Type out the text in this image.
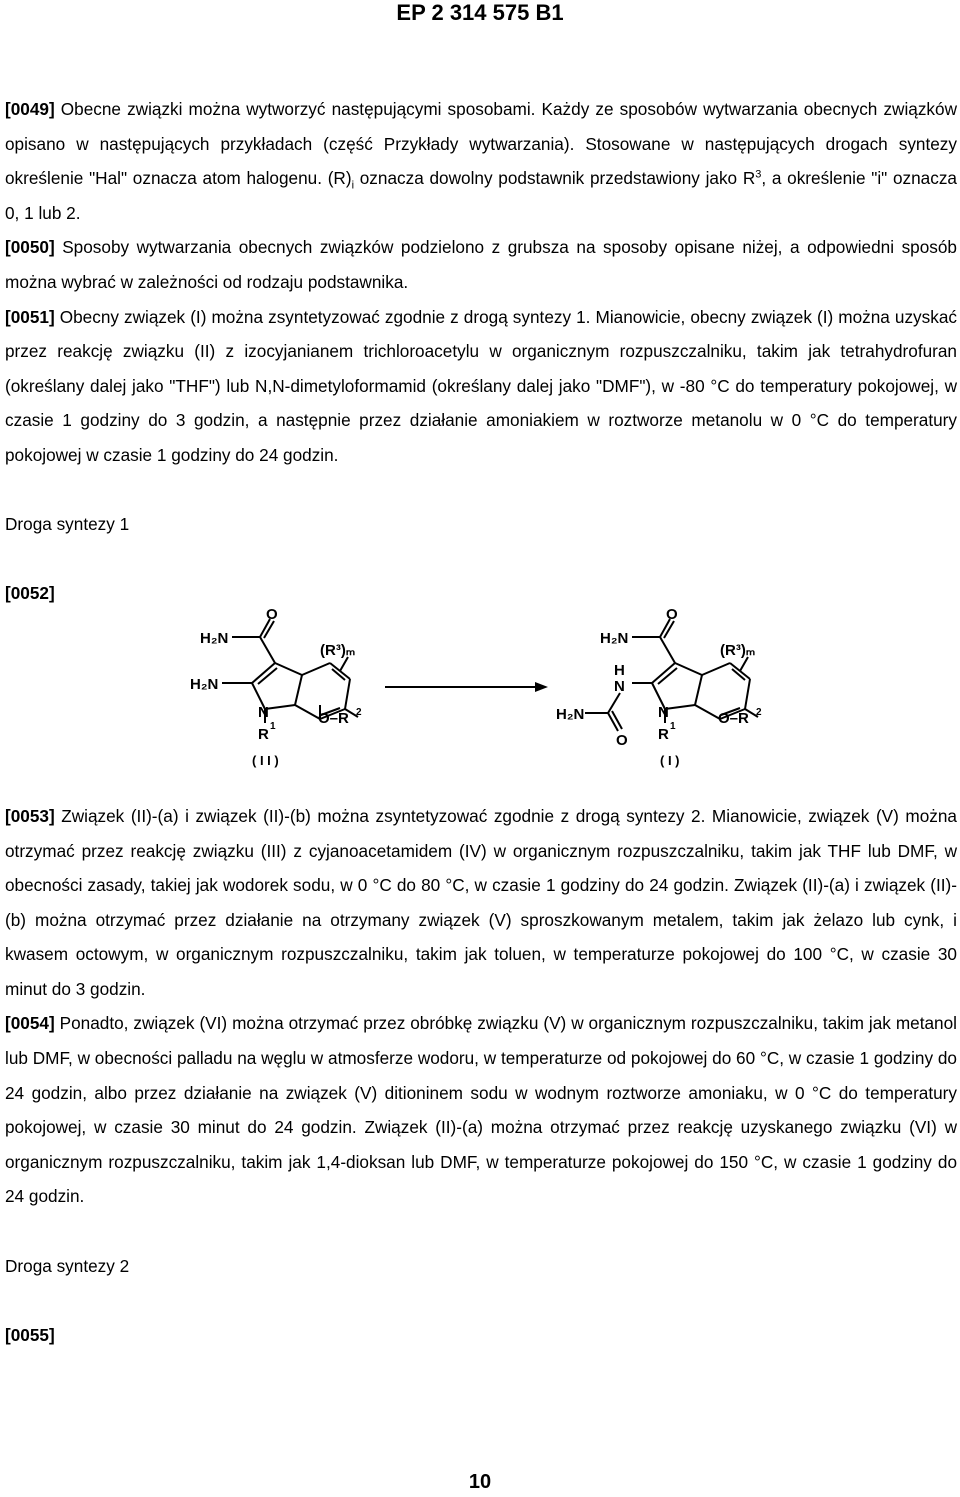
EP 2 314 575 B1

[0049] Obecne związki można wytworzyć następującymi sposobami. Każdy ze sposobów wytwarzania obecnych związków opisano w następujących przykładach (część Przykłady wytwarzania). Stosowane w następujących drogach syntezy określenie "Hal" oznacza atom halogenu. $(R)_i$ oznacza dowolny podstawnik przedstawiony jako $R^3$, a określenie "i" oznacza 0, 1 lub 2.

[0050] Sposoby wytwarzania obecnych związków podzielono z grubsza na sposoby opisane niżej, a odpowiedni sposób można wybrać w zależności od rodzaju podstawnika.

[0051] Obecny związek (I) można zsyntetyzować zgodnie z drogą syntezy 1. Mianowicie, obecny związek (I) można uzyskać przez reakcję związku (II) z izocyjanianem trichloroacetylu w organicznym rozpuszczalniku, takim jak tetrahydrofuran (określany dalej jako "THF") lub N,N-dimetyloformamid (określany dalej jako "DMF"), w -80 °C do temperatury pokojowej, w czasie 1 godziny do 3 godzin, a następnie przez działanie amoniakiem w roztworze metanolu w 0 °C do temperatury pokojowej w czasie 1 godziny do 24 godzin.

Droga syntezy 1

[0052]

[0053] Związek (II)-(a) i związek (II)-(b) można zsyntetyzować zgodnie z drogą syntezy 2. Mianowicie, związek (V) można otrzymać przez reakcję związku (III) z cyjanoacetamidem (IV) w organicznym rozpuszczalniku, takim jak THF lub DMF, w obecności zasady, takiej jak wodorek sodu, w 0 °C do 80 °C, w czasie 1 godziny do 24 godzin. Związek (II)-(a) i związek (II)-(b) można otrzymać przez działanie na otrzymany związek (V) sproszkowanym metalem, takim jak żelazo lub cynk, i kwasem octowym, w organicznym rozpuszczalniku, takim jak toluen, w temperaturze pokojowej do 100 °C, w czasie 30 minut do 3 godzin.

[0054] Ponadto, związek (VI) można otrzymać przez obróbkę związku (V) w organicznym rozpuszczalniku, takim jak metanol lub DMF, w obecności palladu na węglu w atmosferze wodoru, w temperaturze od pokojowej do 60 °C, w czasie 1 godziny do 24 godzin, albo przez działanie na związek (V) ditioninem sodu w wodnym roztworze amoniaku, w 0 °C do temperatury pokojowej, w czasie 30 minut do 24 godzin. Związek (II)-(a) można otrzymać przez reakcję uzyskanego związku (VI) w organicznym rozpuszczalniku, takim jak 1,4-dioksan lub DMF, w temperaturze pokojowej do 150 °C, w czasie 1 godziny do 24 godzin.

Droga syntezy 2

[0055]

H₂N
O
H₂N
N
R 1	O–R 2
(R³)ₘ
( I I )
H₂N
O
H
N
H₂N
O
N
R 1	O–R 2
(R³)ₘ
( I )
10
